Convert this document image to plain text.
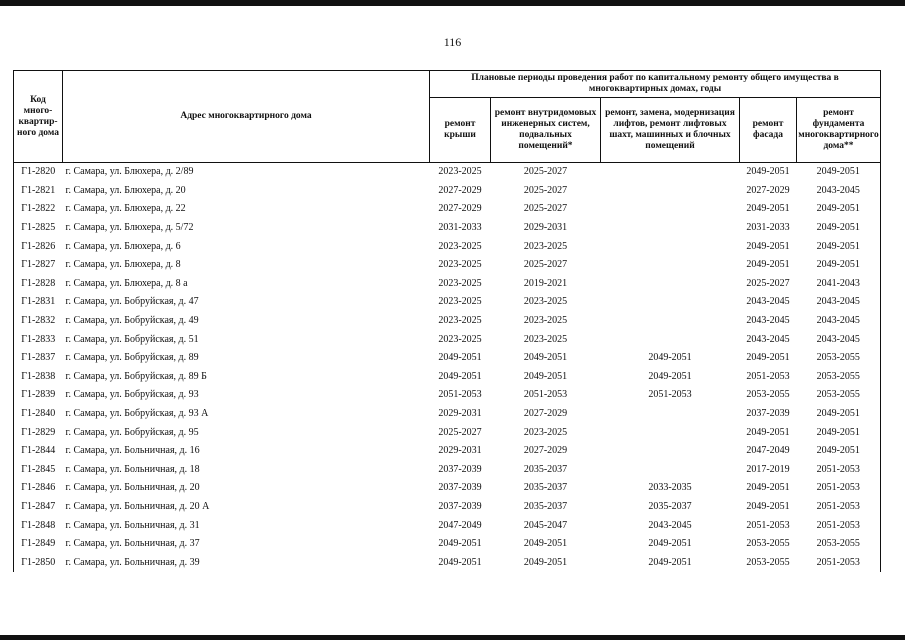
116
Код много-квартир-ного дома	Адрес многоквартирного дома	Плановые периоды проведения работ по капитальному ремонту общего имущества в многоквартирных домах, годы				
		ремонт крыши	ремонт внутридомовых инженерных систем, подвальных помещений*	ремонт, замена, модернизация лифтов, ремонт лифтовых шахт, машинных и блочных помещений	ремонт фасада	ремонт фундамента многоквартирного дома**
Г1-2820	г. Самара, ул. Блюхера, д. 2/89	2023-2025	2025-2027		2049-2051	2049-2051
Г1-2821	г. Самара, ул. Блюхера, д. 20	2027-2029	2025-2027		2027-2029	2043-2045
Г1-2822	г. Самара, ул. Блюхера, д. 22	2027-2029	2025-2027		2049-2051	2049-2051
Г1-2825	г. Самара, ул. Блюхера, д. 5/72	2031-2033	2029-2031		2031-2033	2049-2051
Г1-2826	г. Самара, ул. Блюхера, д. 6	2023-2025	2023-2025		2049-2051	2049-2051
Г1-2827	г. Самара, ул. Блюхера, д. 8	2023-2025	2025-2027		2049-2051	2049-2051
Г1-2828	г. Самара, ул. Блюхера, д. 8 а	2023-2025	2019-2021		2025-2027	2041-2043
Г1-2831	г. Самара, ул. Бобруйская, д. 47	2023-2025	2023-2025		2043-2045	2043-2045
Г1-2832	г. Самара, ул. Бобруйская, д. 49	2023-2025	2023-2025		2043-2045	2043-2045
Г1-2833	г. Самара, ул. Бобруйская, д. 51	2023-2025	2023-2025		2043-2045	2043-2045
Г1-2837	г. Самара, ул. Бобруйская, д. 89	2049-2051	2049-2051	2049-2051	2049-2051	2053-2055
Г1-2838	г. Самара, ул. Бобруйская, д. 89 Б	2049-2051	2049-2051	2049-2051	2051-2053	2053-2055
Г1-2839	г. Самара, ул. Бобруйская, д. 93	2051-2053	2051-2053	2051-2053	2053-2055	2053-2055
Г1-2840	г. Самара, ул. Бобруйская, д. 93 А	2029-2031	2027-2029		2037-2039	2049-2051
Г1-2829	г. Самара, ул. Бобруйская, д. 95	2025-2027	2023-2025		2049-2051	2049-2051
Г1-2844	г. Самара, ул. Больничная, д. 16	2029-2031	2027-2029		2047-2049	2049-2051
Г1-2845	г. Самара, ул. Больничная, д. 18	2037-2039	2035-2037		2017-2019	2051-2053
Г1-2846	г. Самара, ул. Больничная, д. 20	2037-2039	2035-2037	2033-2035	2049-2051	2051-2053
Г1-2847	г. Самара, ул. Больничная, д. 20 А	2037-2039	2035-2037	2035-2037	2049-2051	2051-2053
Г1-2848	г. Самара, ул. Больничная, д. 31	2047-2049	2045-2047	2043-2045	2051-2053	2051-2053
Г1-2849	г. Самара, ул. Больничная, д. 37	2049-2051	2049-2051	2049-2051	2053-2055	2053-2055
Г1-2850	г. Самара, ул. Больничная, д. 39	2049-2051	2049-2051	2049-2051	2053-2055	2051-2053
